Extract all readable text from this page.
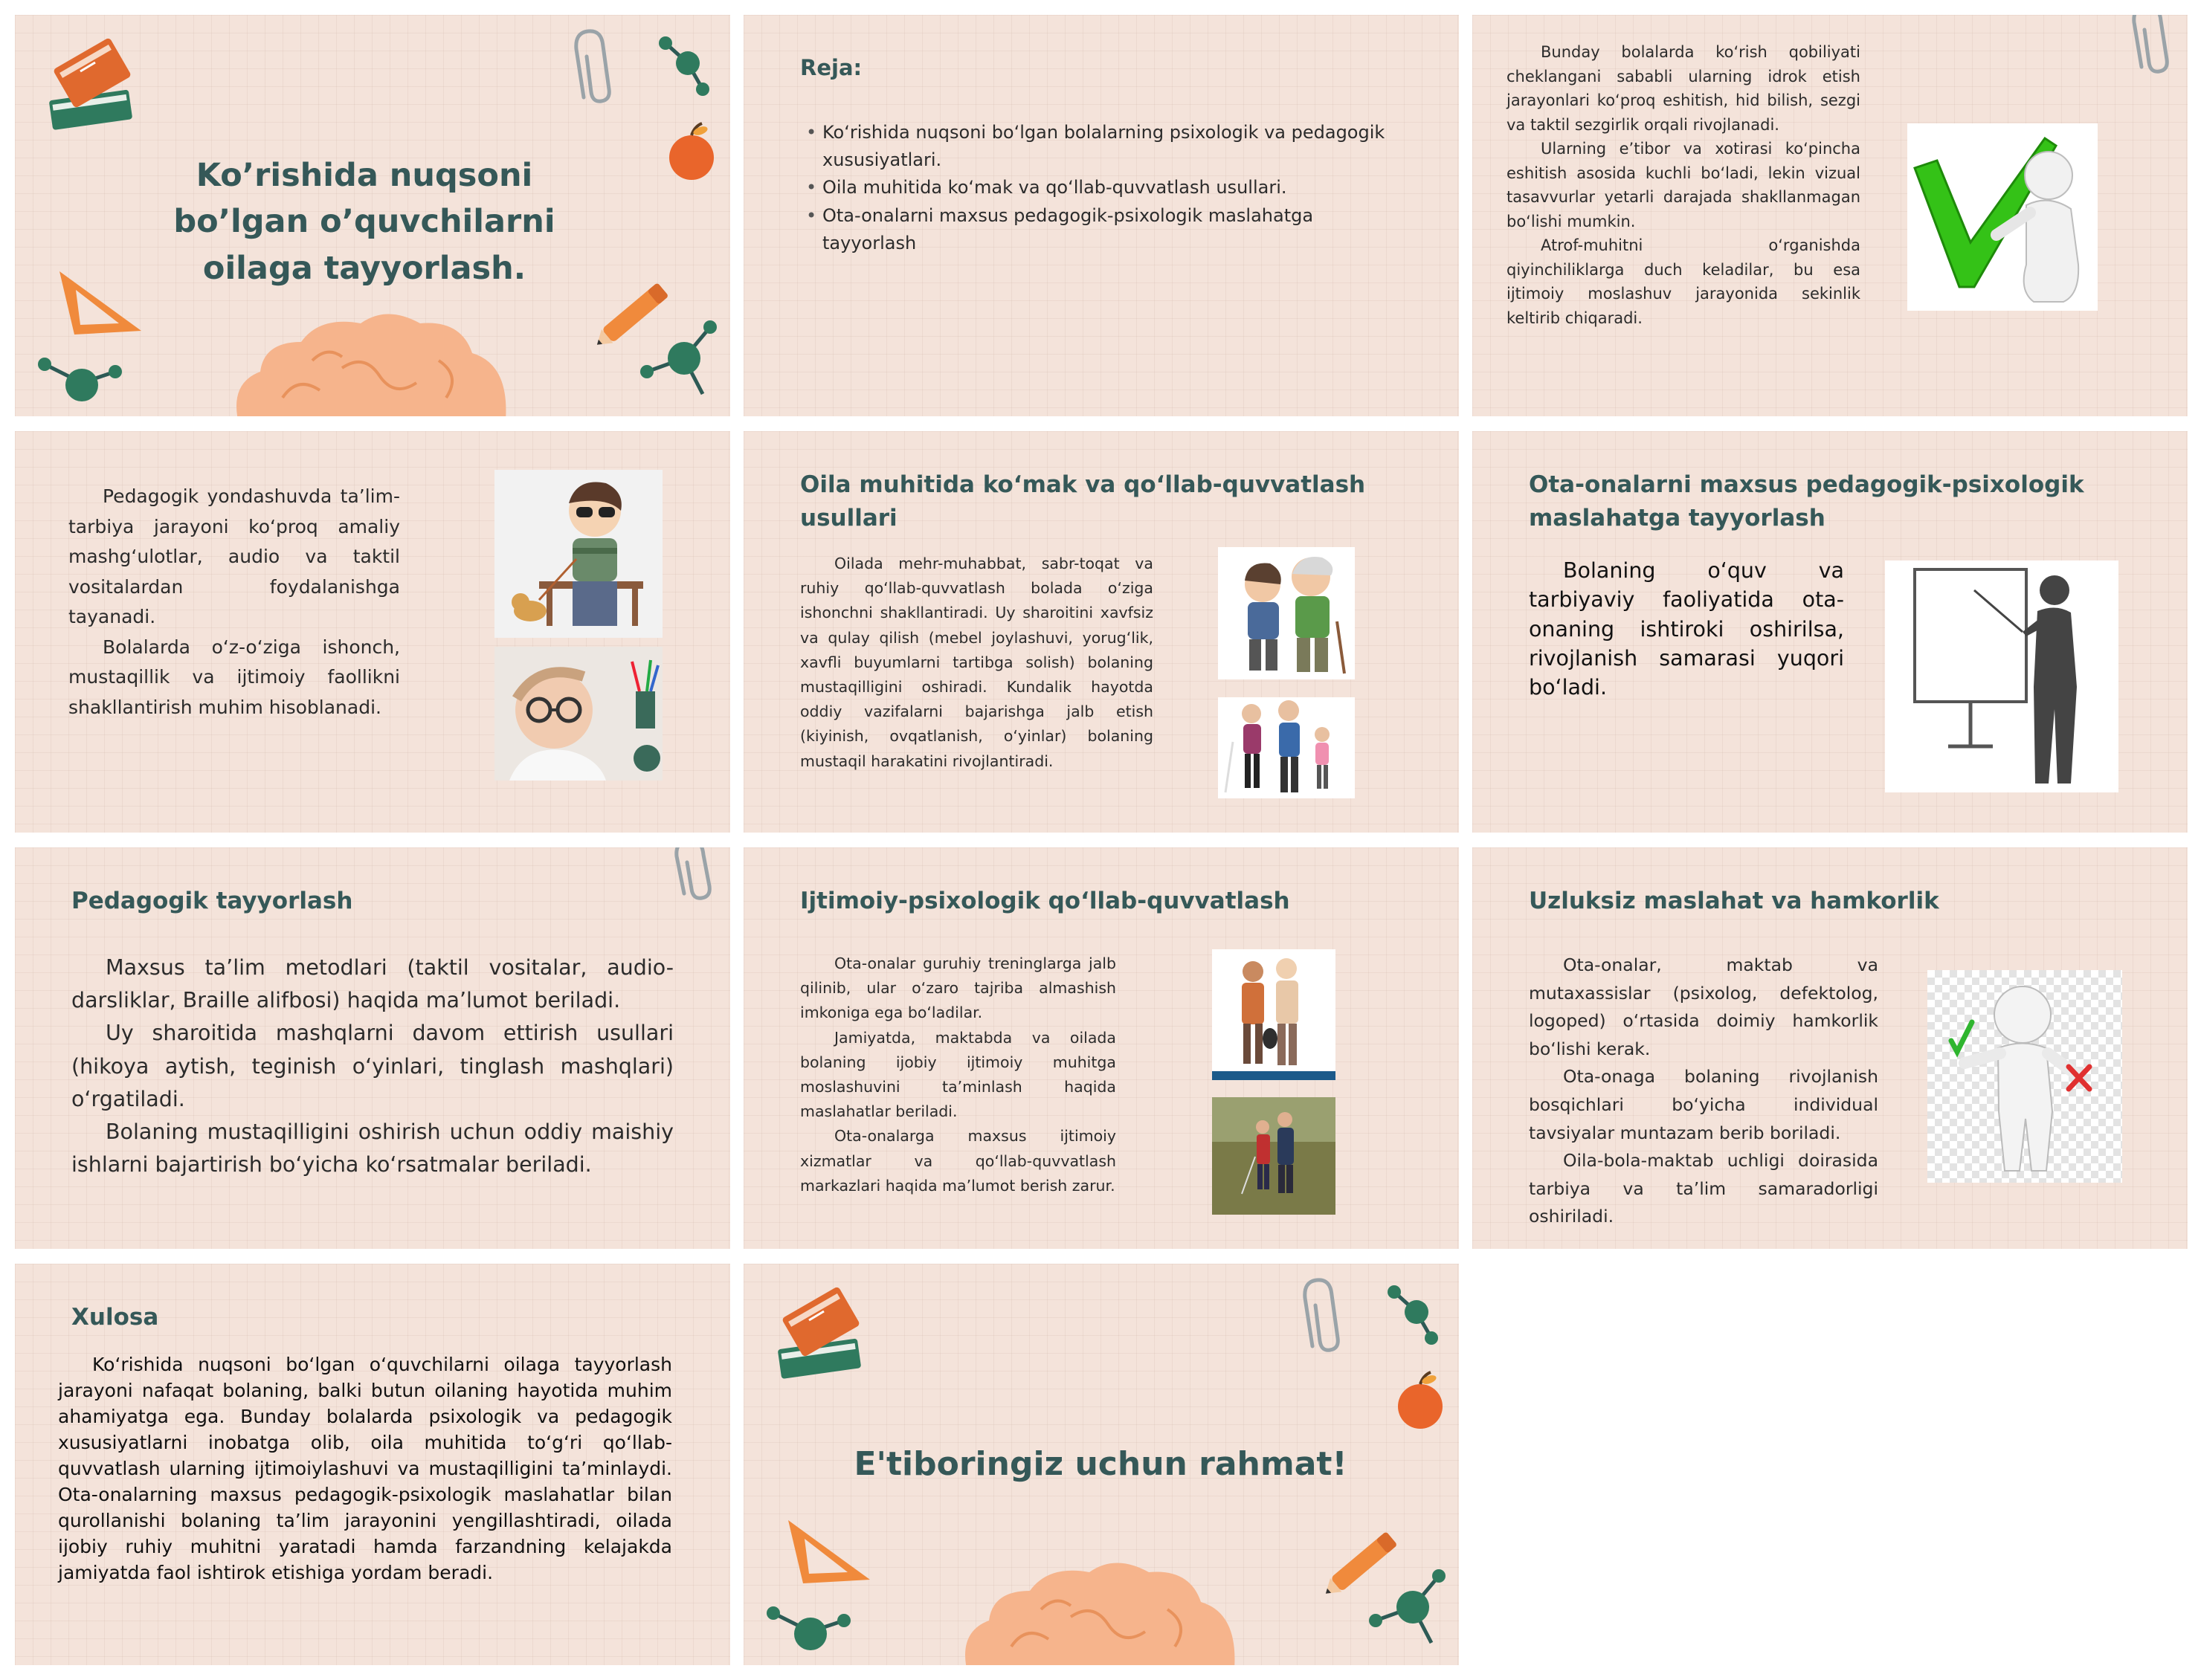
Ko’rishida nuqsoni bo’lgan o’quvchilarni oilaga tayyorlash.
Reja:
• Ko‘rishida nuqsoni bo‘lgan bolalarning psixologik va pedagogik xususiyatlari.
• Oila muhitida ko‘mak va qo‘llab-quvvatlash usullari.
• Ota-onalarni maxsus pedagogik-psixologik maslahatga tayyorlash

Bunday bolalarda ko‘rish qobiliyati cheklangani sababli ularning idrok etish jarayonlari ko‘proq eshitish, hid bilish, sezgi va taktil sezgirlik orqali rivojlanadi.

Ularning e’tibor va xotirasi ko‘pincha eshitish asosida kuchli bo‘ladi, lekin vizual tasavvurlar yetarli darajada shakllanmagan bo‘lishi mumkin.

Atrof-muhitni o‘rganishda qiyinchiliklarga duch keladilar, bu esa ijtimoiy moslashuv jarayonida sekinlik keltirib chiqaradi.

Pedagogik yondashuvda ta’lim-tarbiya jarayoni ko‘proq amaliy mashg‘ulotlar, audio va taktil vositalardan foydalanishga tayanadi.

Bolalarda o‘z-o‘ziga ishonch, mustaqillik va ijtimoiy faollikni shakllantirish muhim hisoblanadi.

Oila muhitida ko‘mak va qo‘llab-quvvatlash usullari

Oilada mehr-muhabbat, sabr-toqat va ruhiy qo‘llab-quvvatlash bolada o‘ziga ishonchni shakllantiradi. Uy sharoitini xavfsiz va qulay qilish (mebel joylashuvi, yorug‘lik, xavfli buyumlarni tartibga solish) bolaning mustaqilligini oshiradi. Kundalik hayotda oddiy vazifalarni bajarishga jalb etish (kiyinish, ovqatlanish, o‘yinlar) bolaning mustaqil harakatini rivojlantiradi.

Ota-onalarni maxsus pedagogik-psixologik maslahatga tayyorlash

Bolaning o‘quv va tarbiyaviy faoliyatida ota-onaning ishtiroki oshirilsa, rivojlanish samarasi yuqori bo‘ladi.

Pedagogik tayyorlash

Maxsus ta’lim metodlari (taktil vositalar, audio-darsliklar, Braille alifbosi) haqida ma’lumot beriladi.

Uy sharoitida mashqlarni davom ettirish usullari (hikoya aytish, teginish o‘yinlari, tinglash mashqlari) o‘rgatiladi.

Bolaning mustaqilligini oshirish uchun oddiy maishiy ishlarni bajartirish bo‘yicha ko‘rsatmalar beriladi.

Ijtimoiy-psixologik qo‘llab-quvvatlash

Ota-onalar guruhiy treninglarga jalb qilinib, ular o‘zaro tajriba almashish imkoniga ega bo‘ladilar.

Jamiyatda, maktabda va oilada bolaning ijobiy ijtimoiy muhitga moslashuvini ta’minlash haqida maslahatlar beriladi.

Ota-onalarga maxsus ijtimoiy xizmatlar va qo‘llab-quvvatlash markazlari haqida ma’lumot berish zarur.

Uzluksiz maslahat va hamkorlik

Ota-onalar, maktab va mutaxassislar (psixolog, defektolog, logoped) o‘rtasida doimiy hamkorlik bo‘lishi kerak.

Ota-onaga bolaning rivojlanish bosqichlari bo‘yicha individual tavsiyalar muntazam berib boriladi.

Oila-bola-maktab uchligi doirasida tarbiya va ta’lim samaradorligi oshiriladi.

Xulosa

Ko‘rishida nuqsoni bo‘lgan o‘quvchilarni oilaga tayyorlash jarayoni nafaqat bolaning, balki butun oilaning hayotida muhim ahamiyatga ega. Bunday bolalarda psixologik va pedagogik xususiyatlarni inobatga olib, oila muhitida to‘g‘ri qo‘llab-quvvatlash ularning ijtimoiylashuvi va mustaqilligini ta’minlaydi. Ota-onalarning maxsus pedagogik-psixologik maslahatlar bilan qurollanishi bolaning ta’lim jarayonini yengillashtiradi, oilada ijobiy ruhiy muhitni yaratadi hamda farzandning kelajakda jamiyatda faol ishtirok etishiga yordam beradi.

E'tiboringiz uchun rahmat!
